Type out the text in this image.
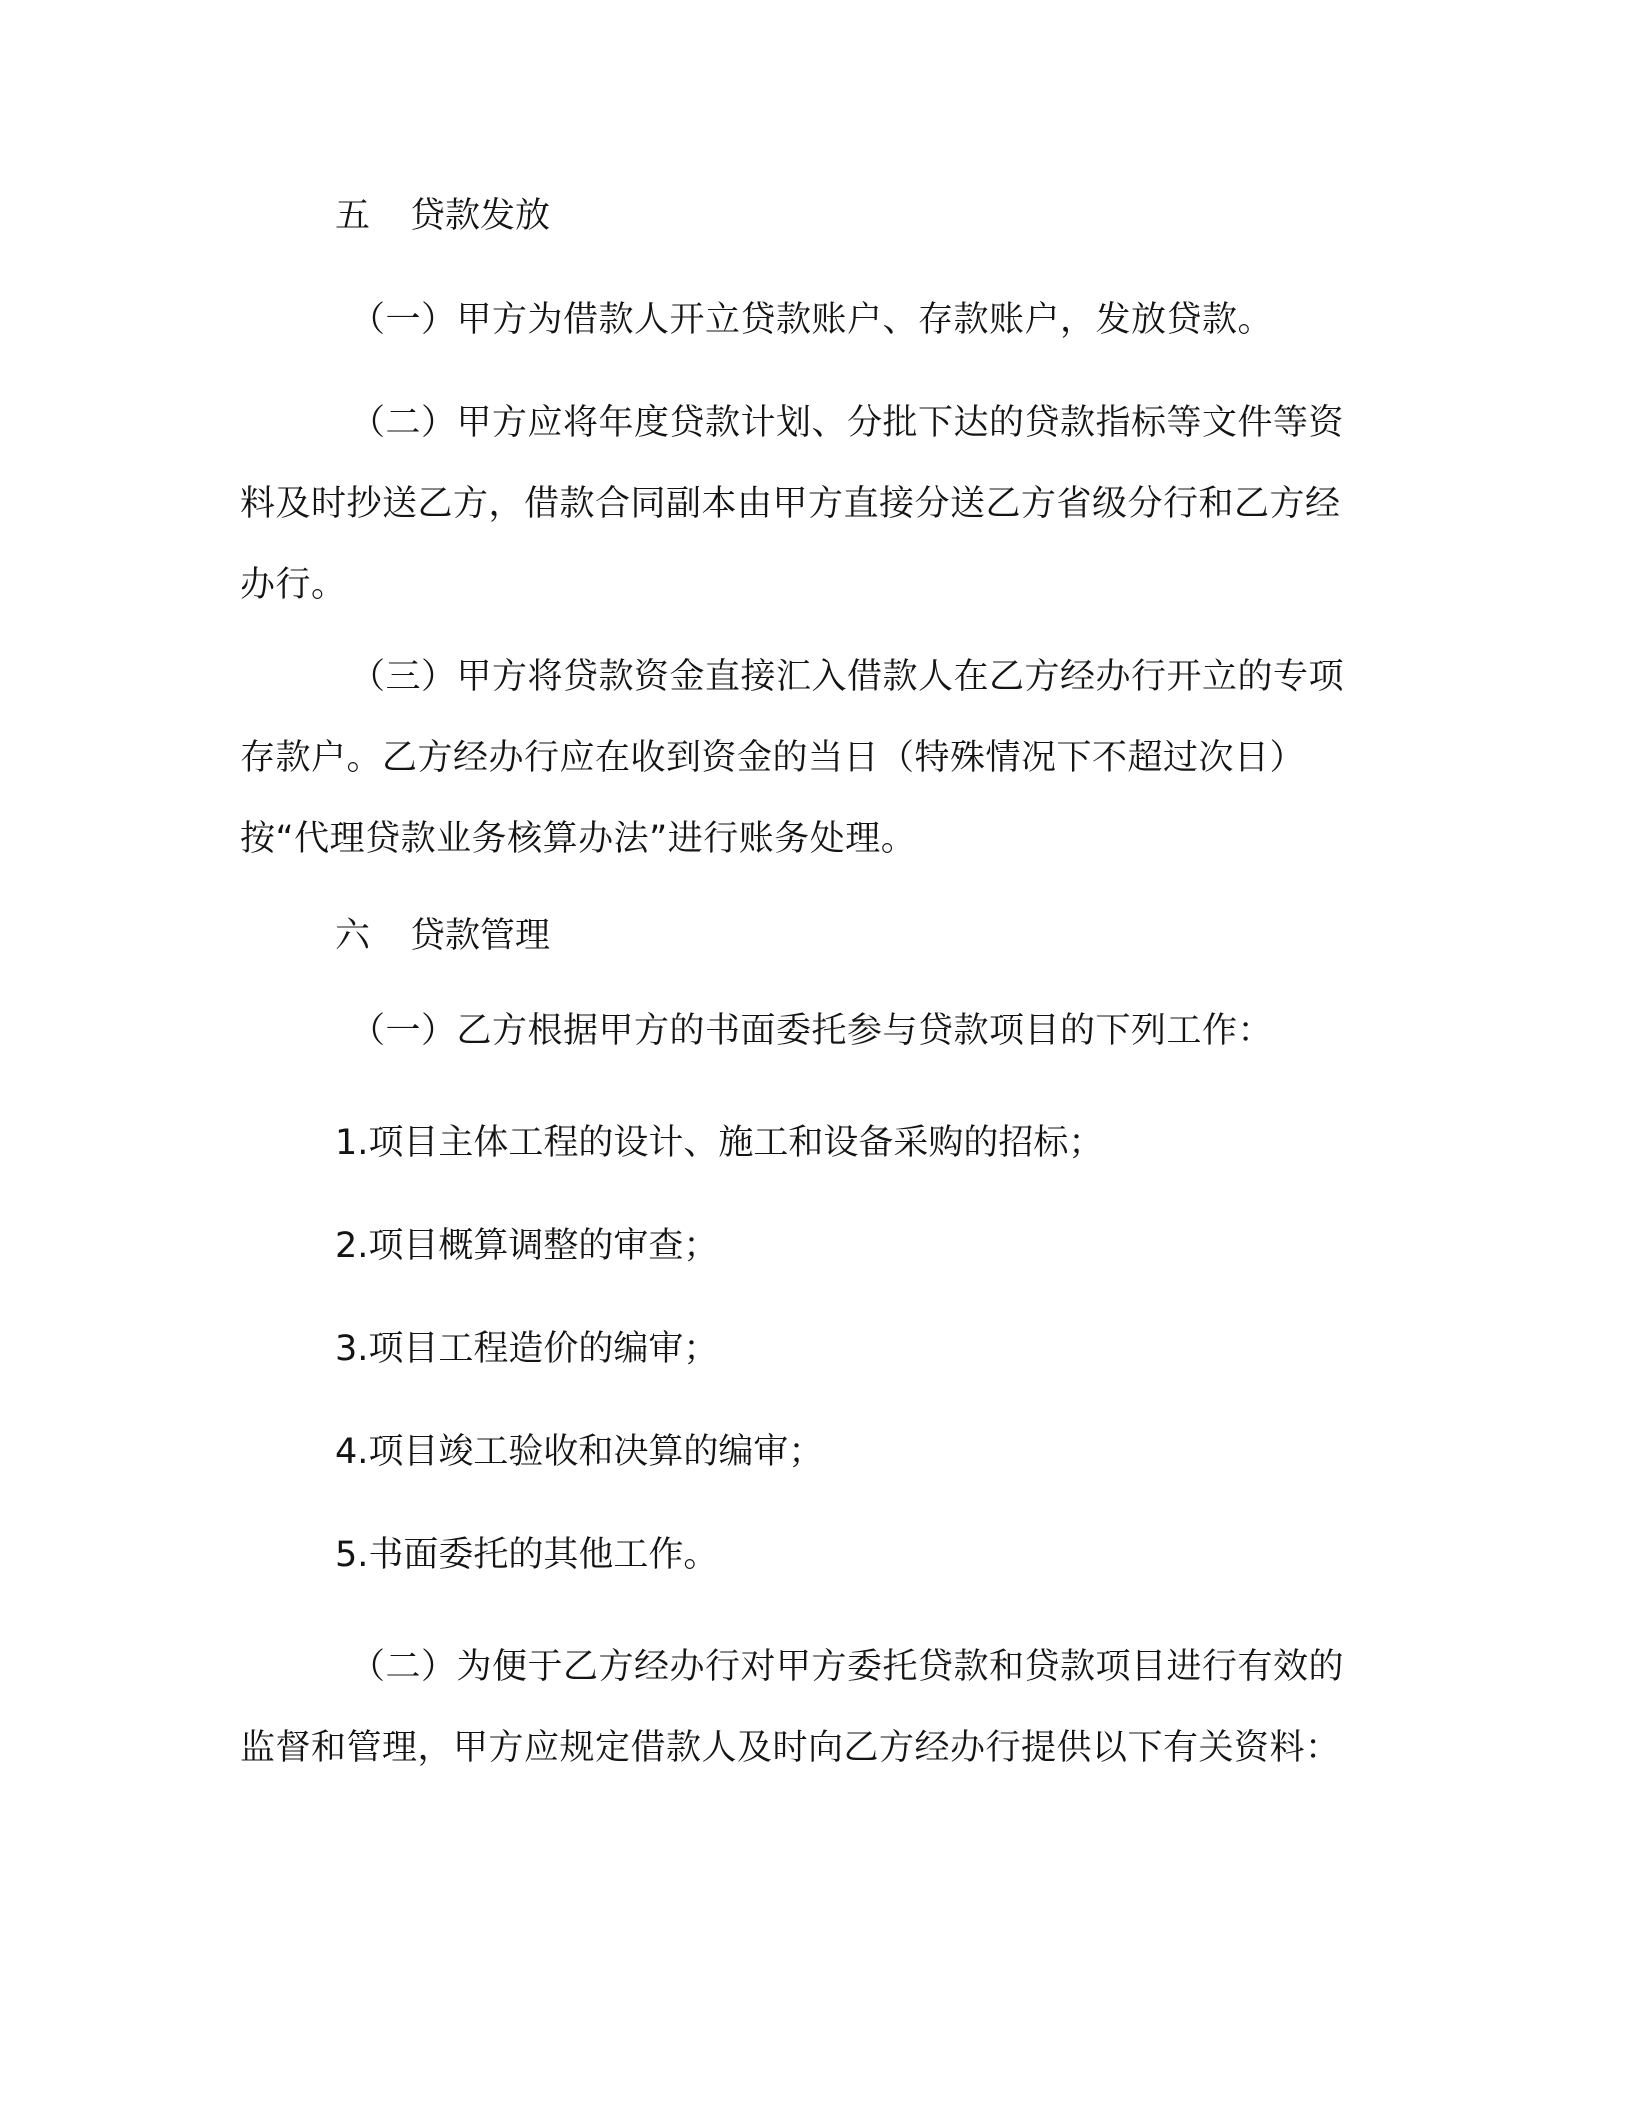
五 贷款发放
（一）甲方为借款人开立贷款账户、存款账户，发放贷款。
（二）甲方应将年度贷款计划、分批下达的贷款指标等文件等资料及时抄送乙方，借款合同副本由甲方直接分送乙方省级分行和乙方经办行。
（三）甲方将贷款资金直接汇入借款人在乙方经办行开立的专项存款户。乙方经办行应在收到资金的当日（特殊情况下不超过次日）按“代理贷款业务核算办法”进行账务处理。
六 贷款管理
（一）乙方根据甲方的书面委托参与贷款项目的下列工作：
1.项目主体工程的设计、施工和设备采购的招标；
2.项目概算调整的审查；
3.项目工程造价的编审；
4.项目竣工验收和决算的编审；
5.书面委托的其他工作。
（二）为便于乙方经办行对甲方委托贷款和贷款项目进行有效的监督和管理，甲方应规定借款人及时向乙方经办行提供以下有关资料：
